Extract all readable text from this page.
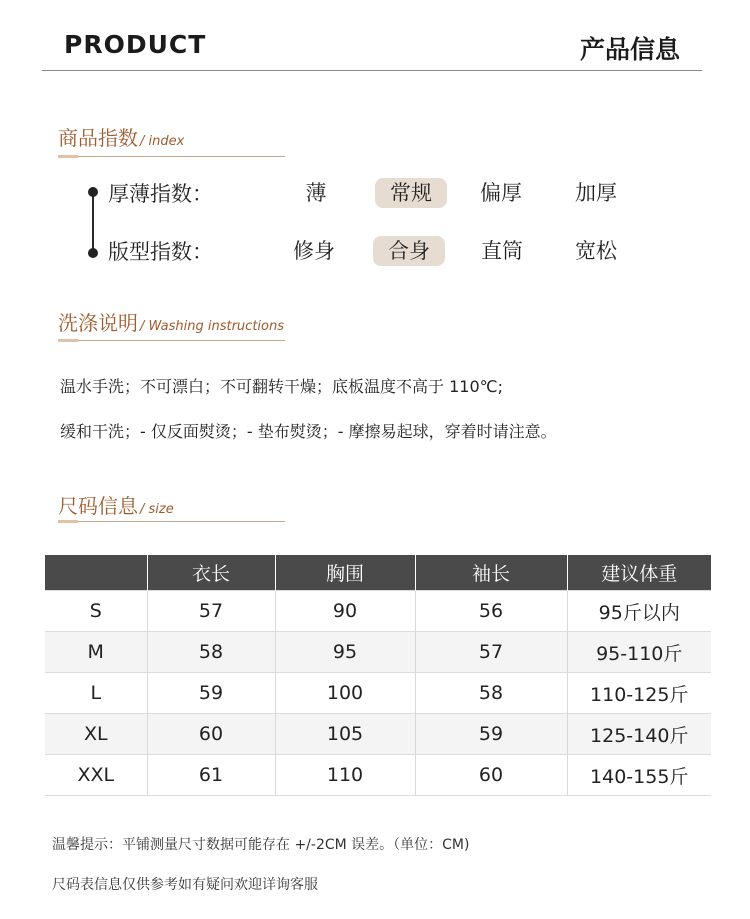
PRODUCT	产品信息
商品指数 / index
厚薄指数：	薄	常规	偏厚	加厚
版型指数：	修身	合身	直筒	宽松
洗涤说明 / Washing instructions
温水手洗；不可漂白；不可翻转干燥；底板温度不高于 110℃;
缓和干洗；- 仅反面熨烫；- 垫布熨烫；- 摩擦易起球，穿着时请注意。
尺码信息 / size
	衣长	胸围	袖长	建议体重
S	57	90	56	95斤以内
M	58	95	57	95-110斤
L	59	100	58	110-125斤
XL	60	105	59	125-140斤
XXL	61	110	60	140-155斤
温馨提示：平铺测量尺寸数据可能存在 +/-2CM 误差。（单位：CM)
尺码表信息仅供参考如有疑问欢迎详询客服
